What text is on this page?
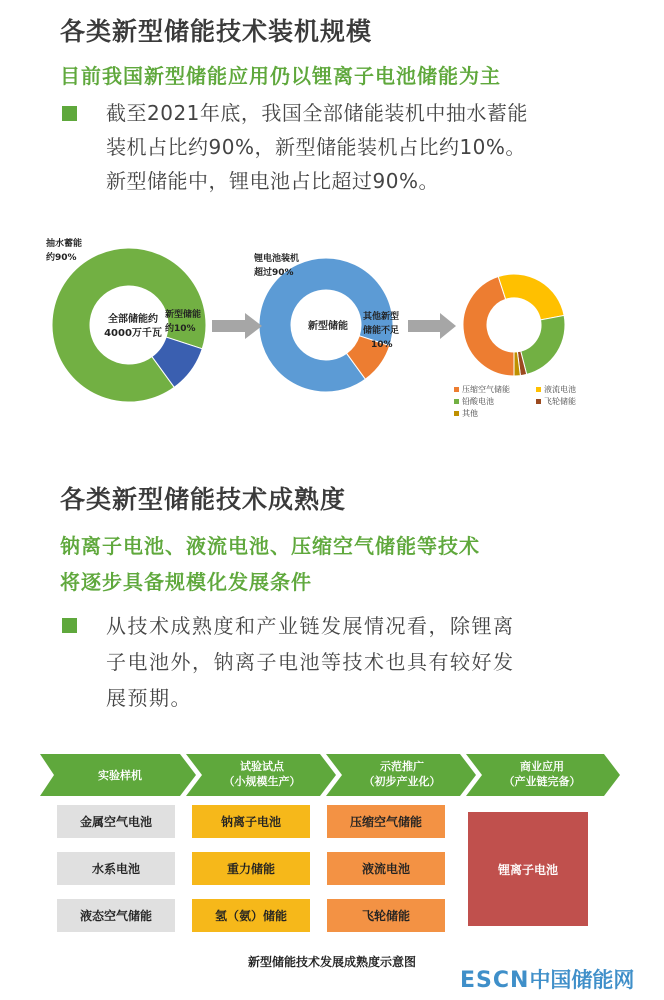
各类新型储能技术装机规模
目前我国新型储能应用仍以锂离子电池储能为主
截至2021年底，我国全部储能装机中抽水蓄能
装机占比约90%，新型储能装机占比约10%。
新型储能中，锂电池占比超过90%。
抽水蓄能
约90%
全部储能约
4000万千瓦
新型储能
约10%
锂电池装机
超过90%
新型储能
其他新型
储能不足
10%
压缩空气储能	液流电池
铅酸电池	飞轮储能
其他
各类新型储能技术成熟度
钠离子电池、液流电池、压缩空气储能等技术
将逐步具备规模化发展条件
从技术成熟度和产业链发展情况看，除锂离
子电池外，钠离子电池等技术也具有较好发
展预期。
实验样机
试验试点
（小规模生产）
示范推广
（初步产业化）
商业应用
（产业链完备）
金属空气电池
水系电池
液态空气储能
钠离子电池
重力储能
氢（氨）储能
压缩空气储能
液流电池
飞轮储能
锂离子电池
新型储能技术发展成熟度示意图
ESCN中国储能网
